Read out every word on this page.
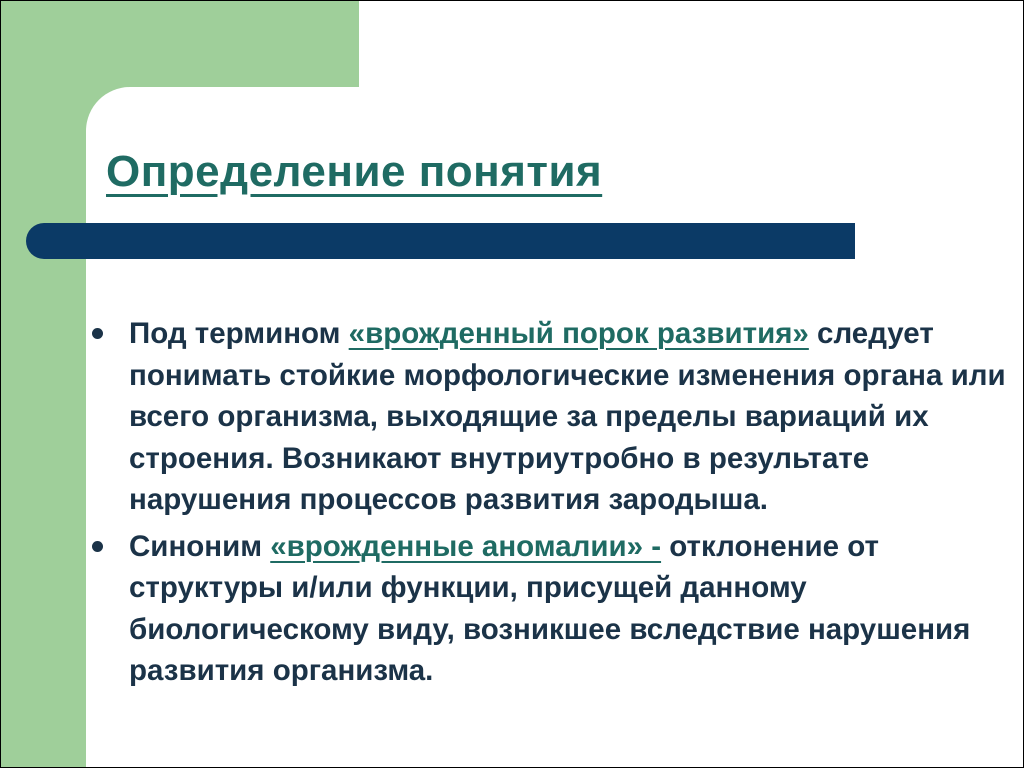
Определение понятия
Под термином «врожденный порок развития» следует понимать стойкие морфологические изменения органа или всего организма, выходящие за пределы вариаций их строения. Возникают внутриутробно в результате нарушения процессов развития зародыша.
Синоним «врожденные аномалии» - отклонение от структуры и/или функции, присущей данному биологическому виду, возникшее вследствие нарушения развития организма.
